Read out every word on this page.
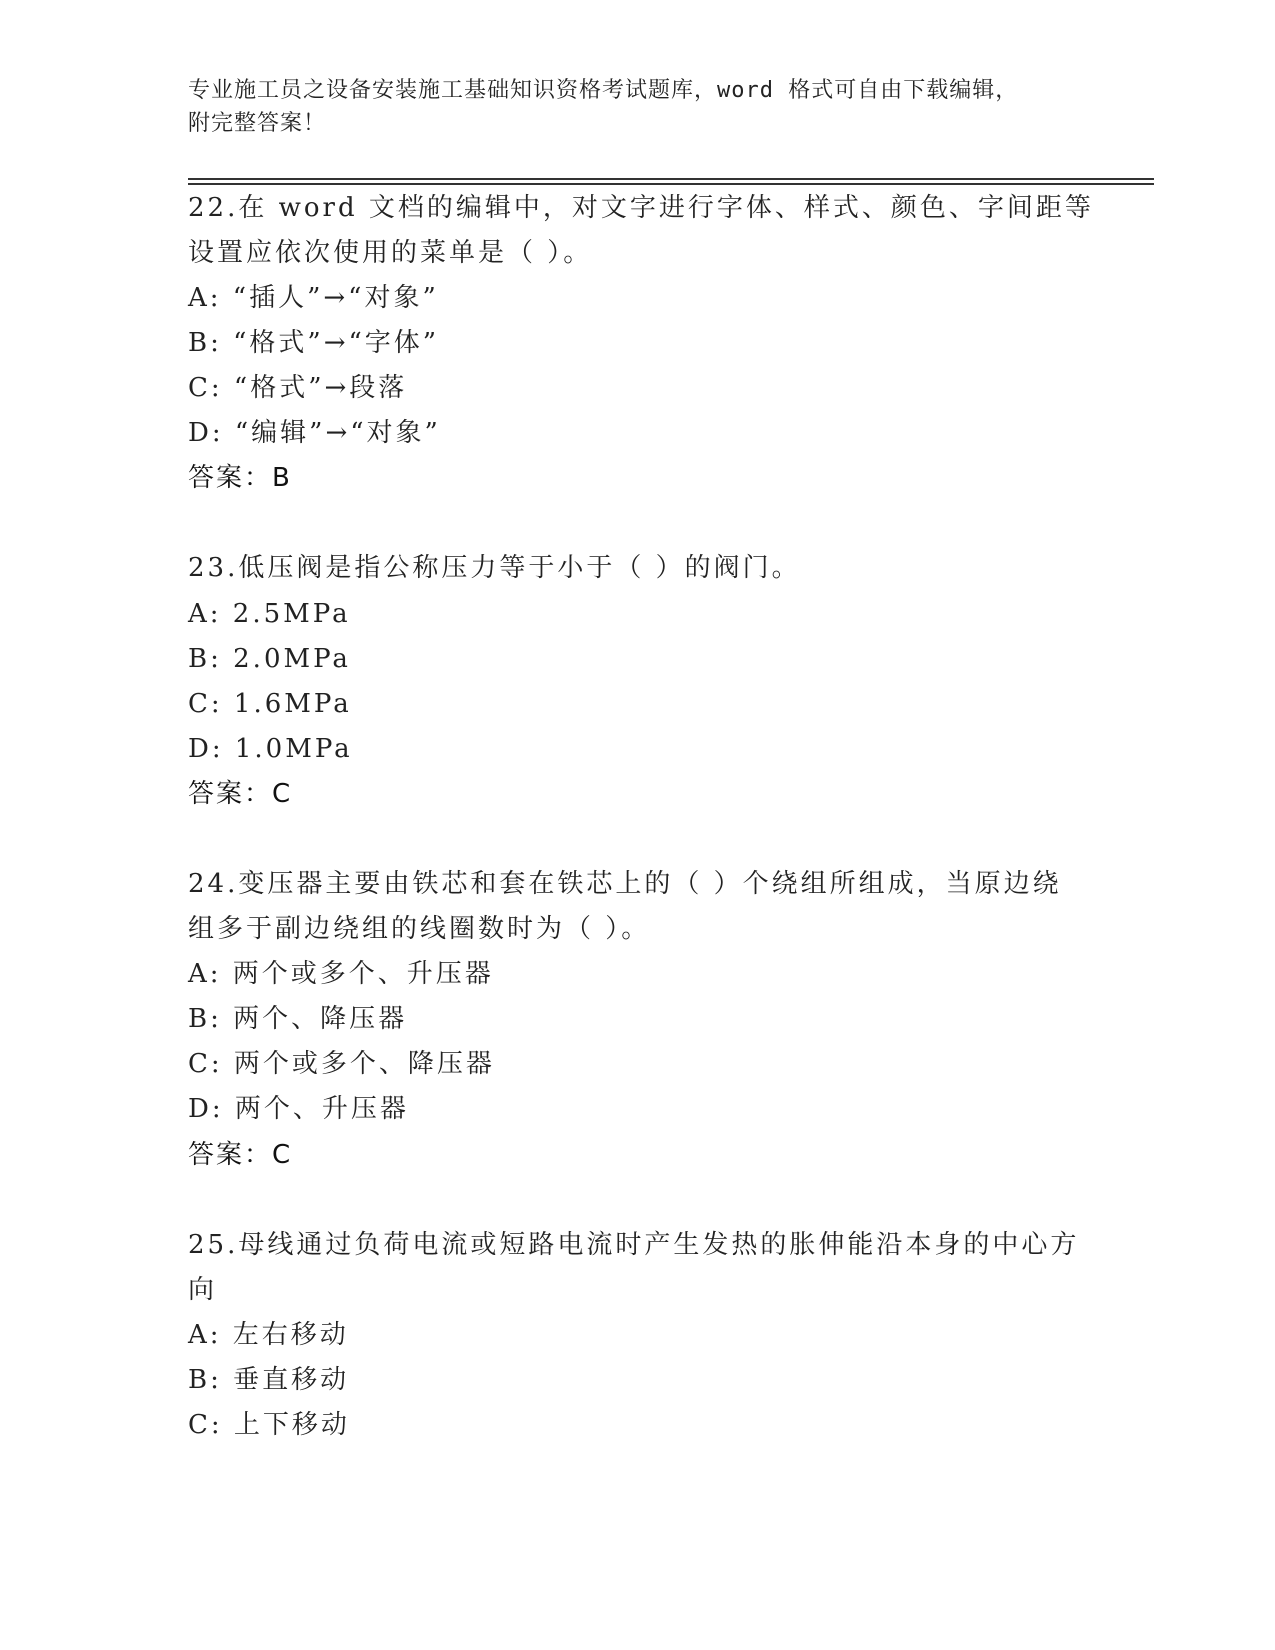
专业施工员之设备安装施工基础知识资格考试题库，word 格式可自由下载编辑，
附完整答案！
22.在 word 文档的编辑中，对文字进行字体、样式、颜色、字间距等
设置应依次使用的菜单是（ ）。
A: “插人”→“对象”
B: “格式”→“字体”
C: “格式”→段落
D: “编辑”→“对象”
答案：B
23.低压阀是指公称压力等于小于（ ）的阀门。
A: 2.5MPa
B: 2.0MPa
C: 1.6MPa
D: 1.0MPa
答案：C
24.变压器主要由铁芯和套在铁芯上的（ ）个绕组所组成，当原边绕
组多于副边绕组的线圈数时为（ ）。
A: 两个或多个、升压器
B: 两个、降压器
C: 两个或多个、降压器
D: 两个、升压器
答案：C
25.母线通过负荷电流或短路电流时产生发热的胀伸能沿本身的中心方
向
A: 左右移动
B: 垂直移动
C: 上下移动
